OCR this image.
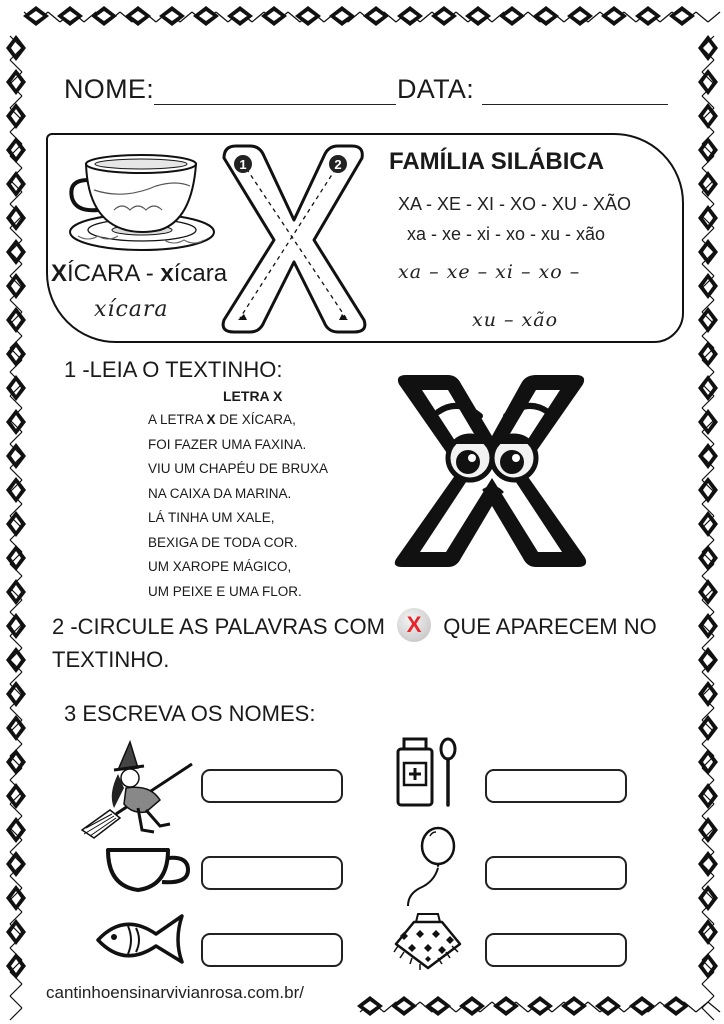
NOME:	DATA:
XÍCARA - xícara
xícara
1	2 FAMÍLIA SILÁBICA
XA - XE - XI - XO - XU - XÃO
xa - xe - xi - xo - xu - xão
xa – xe – xi – xo –
xu – xão
1 -LEIA O TEXTINHO:
LETRA X

A LETRA X DE XÍCARA,

FOI FAZER UMA FAXINA.

VIU UM CHAPÉU DE BRUXA

NA CAIXA DA MARINA.

LÁ TINHA UM XALE,

BEXIGA DE TODA COR.

UM XAROPE MÁGICO,

UM PEIXE E UMA FLOR.

2 -CIRCULE AS PALAVRAS COM X QUE APARECEM NO
TEXTINHO.
3 ESCREVA OS NOMES:
cantinhoensinarvivianrosa.com.br/
